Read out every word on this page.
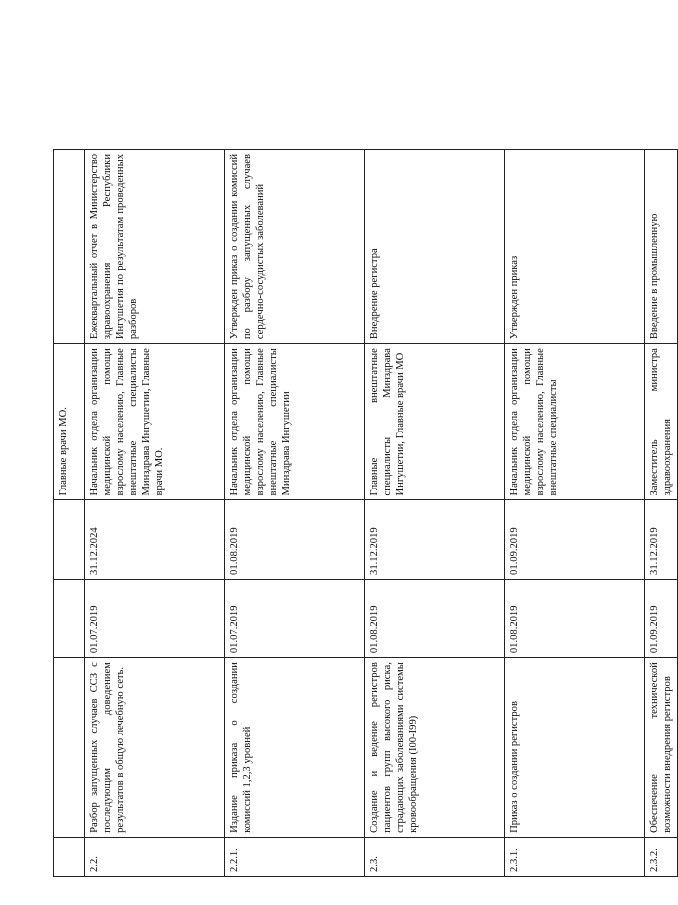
				Главные врачи МО.	
2.2.	Разбор запущенных случаев ССЗ с последующим доведением результатов в общую лечебную сеть.	01.07.2019	31.12.2024	Начальник отдела организации медицинской помощи взрослому населению, Главные внештатные специалисты Минздрава Ингушетии, Главные врачи МО.	Ежеквартальный отчет в Министерство здравоохранения Республики Ингушетия по результатам проведенных разборов
2.2.1.	Издание приказа о создании комиссий 1,2,3 уровней	01.07.2019	01.08.2019	Начальник отдела организации медицинской помощи взрослому населению, Главные внештатные специалисты Минздрава Ингушетии	Утвержден приказ о создании комиссий по разбору запущенных случаев сердечно-сосудистых заболеваний
2.3.	Создание и ведение регистров пациентов групп высокого риска, страдающих заболеваниями системы кровообращения (I00-I99)	01.08.2019	31.12.2019	Главные внештатные специалисты Минздрава Ингушетии, Главные врачи МО	Внедрение регистра
2.3.1.	Приказ о создании регистров	01.08.2019	01.09.2019	Начальник отдела организации медицинской помощи взрослому населению, Главные внештатные специалисты	Утвержден приказ
2.3.2.	Обеспечение технической возможности внедрения регистров	01.09.2019	31.12.2019	Заместитель министра здравоохранения	Введение в промышленную
